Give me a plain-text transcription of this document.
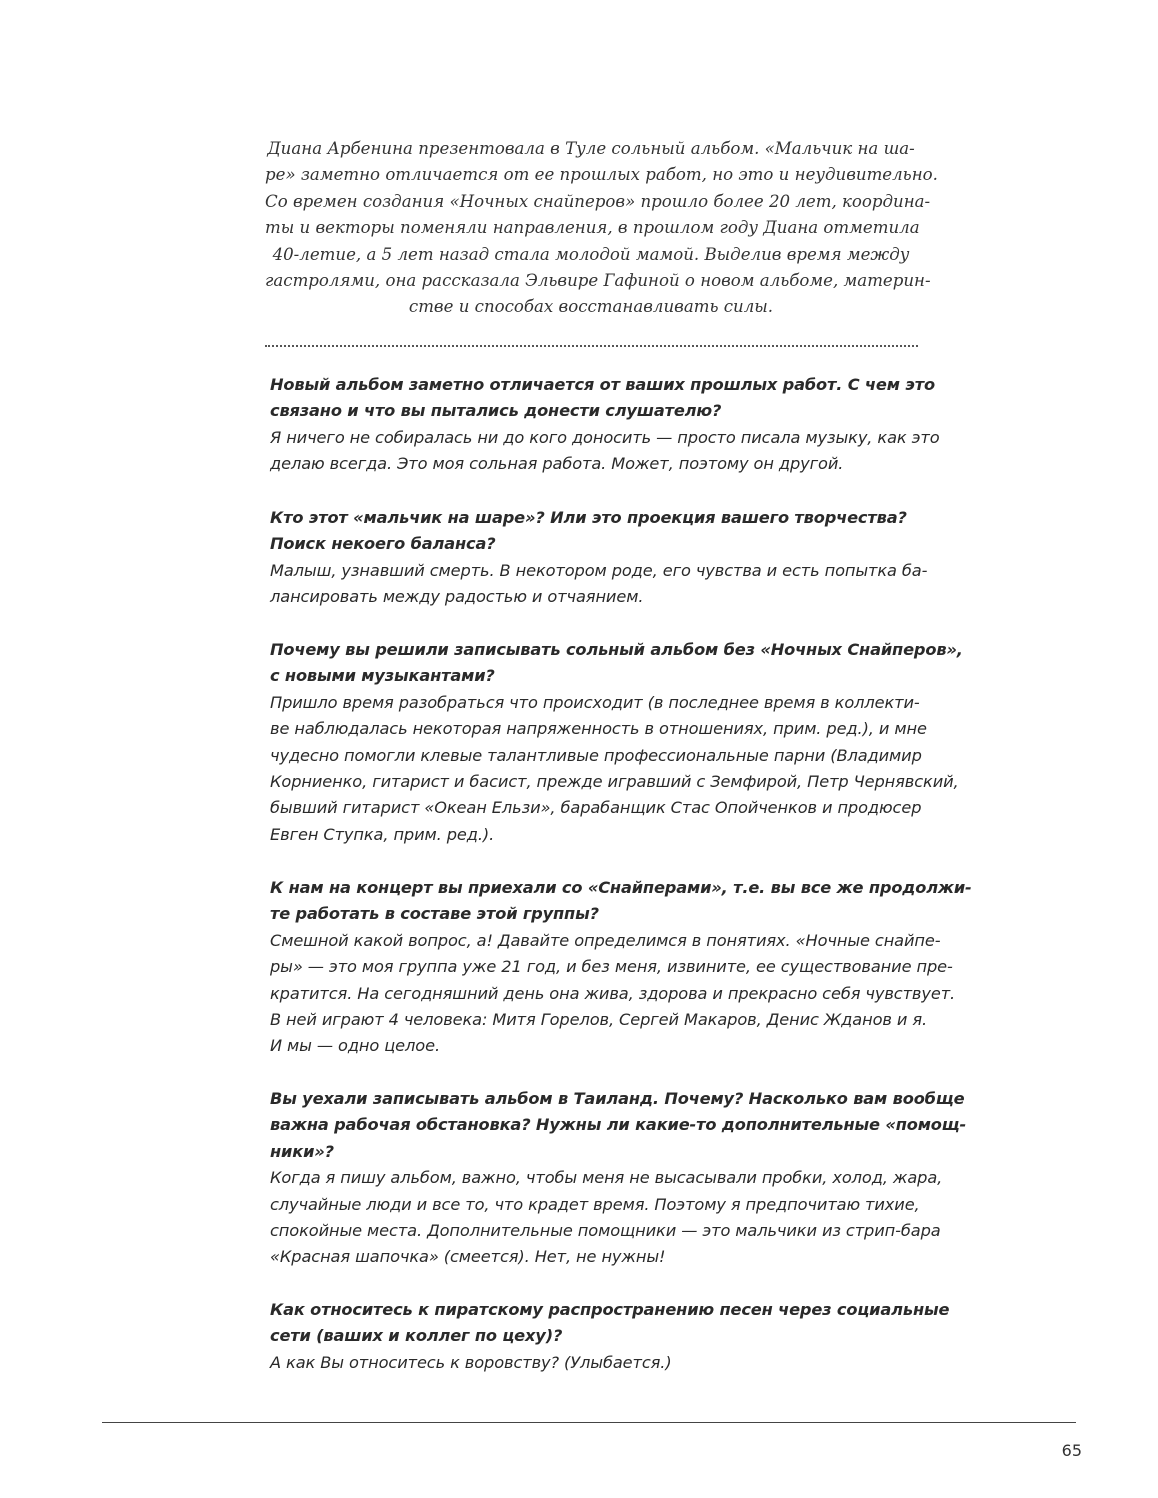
Диана Арбенина презентовала в Туле сольный альбом. «Мальчик на ша-
ре» заметно отличается от ее прошлых работ, но это и неудивительно.
Со времен создания «Ночных снайперов» прошло более 20 лет, координа-
ты и векторы поменяли направления, в прошлом году Диана отметила
40-летие, а 5 лет назад стала молодой мамой. Выделив время между
гастролями, она рассказала Эльвире Гафиной о новом альбоме, материн-
стве и способах восстанавливать силы.
Новый альбом заметно отличается от ваших прошлых работ. С чем это
связано и что вы пытались донести слушателю?
Я ничего не собиралась ни до кого доносить — просто писала музыку, как это
делаю всегда. Это моя сольная работа. Может, поэтому он другой.
Кто этот «мальчик на шаре»? Или это проекция вашего творчества?
Поиск некоего баланса?
Малыш, узнавший смерть. В некотором роде, его чувства и есть попытка ба-
лансировать между радостью и отчаянием.
Почему вы решили записывать сольный альбом без «Ночных Снайперов»,
с новыми музыкантами?
Пришло время разобраться что происходит (в последнее время в коллекти-
ве наблюдалась некоторая напряженность в отношениях, прим. ред.), и мне
чудесно помогли клевые талантливые профессиональные парни (Владимир
Корниенко, гитарист и басист, прежде игравший с Земфирой, Петр Чернявский,
бывший гитарист «Океан Ельзи», барабанщик Стас Опойченков и продюсер
Евген Ступка, прим. ред.).
К нам на концерт вы приехали со «Снайперами», т.е. вы все же продолжи-
те работать в составе этой группы?
Смешной какой вопрос, а! Давайте определимся в понятиях. «Ночные снайпе-
ры» — это моя группа уже 21 год, и без меня, извините, ее существование пре-
кратится. На сегодняшний день она жива, здорова и прекрасно себя чувствует.
В ней играют 4 человека: Митя Горелов, Сергей Макаров, Денис Жданов и я.
И мы — одно целое.
Вы уехали записывать альбом в Таиланд. Почему? Насколько вам вообще
важна рабочая обстановка? Нужны ли какие-то дополнительные «помощ-
ники»?
Когда я пишу альбом, важно, чтобы меня не высасывали пробки, холод, жара,
случайные люди и все то, что крадет время. Поэтому я предпочитаю тихие,
спокойные места. Дополнительные помощники — это мальчики из стрип-бара
«Красная шапочка» (смеется). Нет, не нужны!
Как относитесь к пиратскому распространению песен через социальные
сети (ваших и коллег по цеху)?
А как Вы относитесь к воровству? (Улыбается.)
65
